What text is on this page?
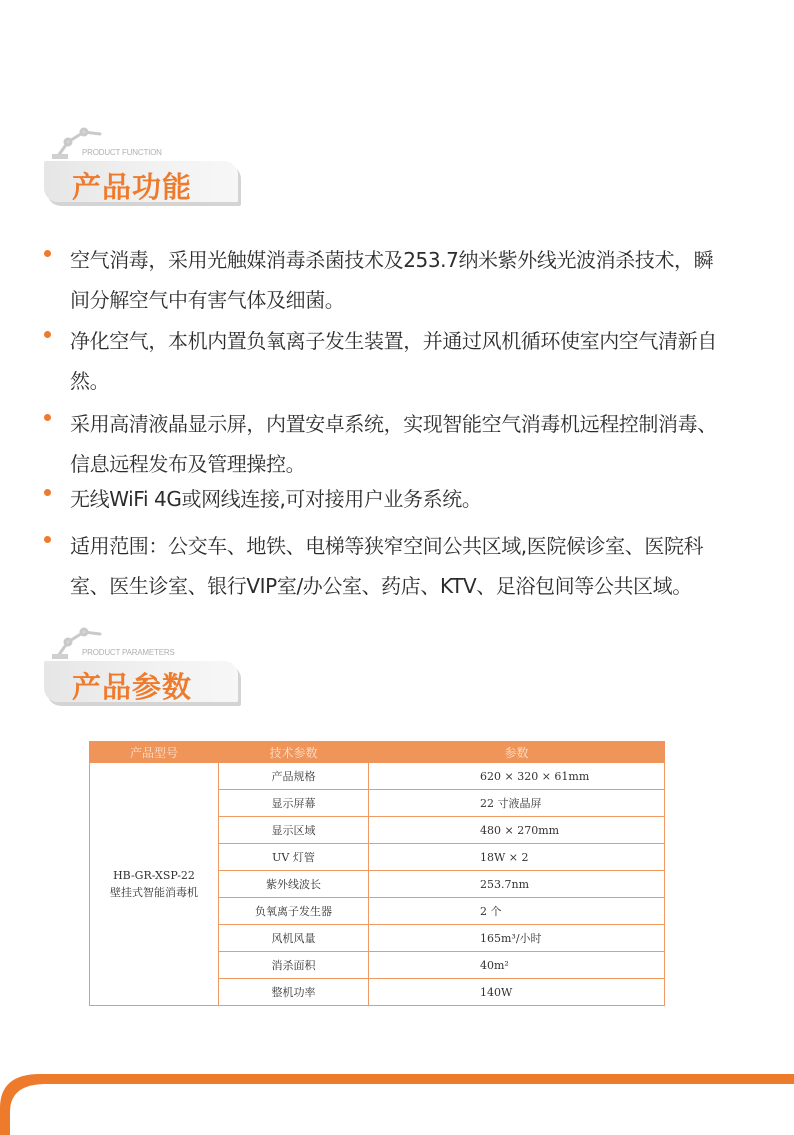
PRODUCT FUNCTION
产品功能
空气消毒，采用光触媒消毒杀菌技术及253.7纳米紫外线光波消杀技术，瞬间分解空气中有害气体及细菌。
净化空气，本机内置负氧离子发生装置，并通过风机循环使室内空气清新自然。
采用高清液晶显示屏，内置安卓系统，实现智能空气消毒机远程控制消毒、信息远程发布及管理操控。
无线WiFi 4G或网线连接,可对接用户业务系统。
适用范围：公交车、地铁、电梯等狭窄空间公共区域,医院候诊室、医院科室、医生诊室、银行VIP室/办公室、药店、KTV、足浴包间等公共区域。
PRODUCT PARAMETERS
产品参数
产品型号	技术参数	参数

HB-GR-XSP-22
壁挂式智能消毒机	产品规格	620 × 320 × 61mm
	显示屏幕	22 寸液晶屏
	显示区域	480 × 270mm
	UV 灯管	18W × 2
	紫外线波长	253.7nm
	负氧离子发生器	2 个
	风机风量	165m³/小时
	消杀面积	40m²
	整机功率	140W
